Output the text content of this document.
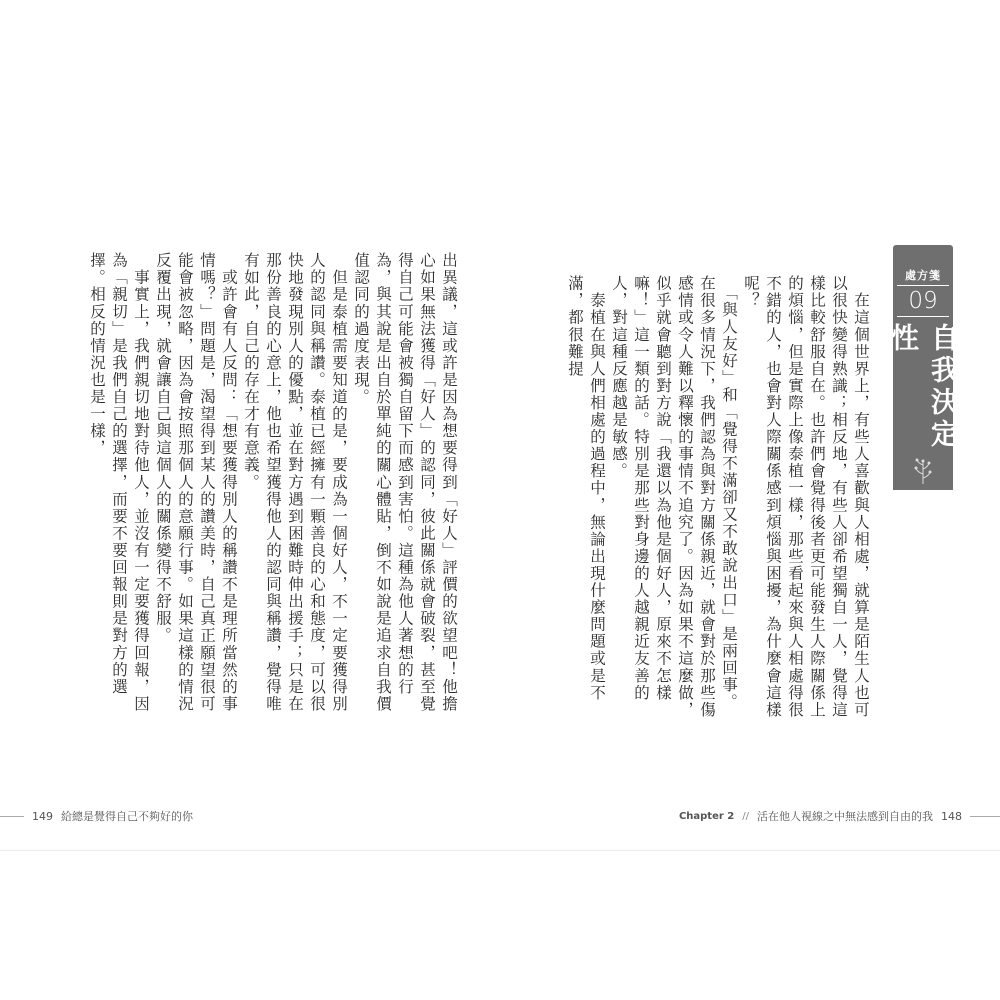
處方箋
09
自我決定性

　在這個世界上，有些人喜歡與人相處，就算是陌生人也可以很快變得熟識；相反地，有些人卻希望獨自一人，覺得這樣比較舒服自在。也許們會覺得後者更可能發生人際關係上的煩惱，但是實際上像泰植一樣，那些看起來與人相處得很不錯的人，也會對人際關係感到煩惱與困擾，為什麼會這樣呢？
　「與人友好」和「覺得不滿卻又不敢說出口」是兩回事。在很多情況下，我們認為與對方關係親近，就會對於那些傷感情或令人難以釋懷的事情不追究了。因為如果不這麼做，似乎就會聽到對方說「我還以為他是個好人，原來不怎樣嘛！」這一類的話。特別是那些對身邊的人越親近友善的人，對這種反應越是敏感。
　泰植在與人們相處的過程中，無論出現什麼問題或是不滿，都很難提

出異議，這或許是因為想要得到「好人」評價的欲望吧！他擔心如果無法獲得「好人」的認同，彼此關係就會破裂，甚至覺得自己可能會被獨自留下而感到害怕。這種為他人著想的行為，與其說是出自於單純的關心體貼，倒不如說是追求自我價值認同的過度表現。
　但是泰植需要知道的是，要成為一個好人，不一定要獲得別人的認同與稱讚。泰植已經擁有一顆善良的心和態度，可以很快地發現別人的優點，並在對方遇到困難時伸出援手；只是在那份善良的心意上，他也希望獲得他人的認同與稱讚，覺得唯有如此，自己的存在才有意義。
　或許會有人反問：「想要獲得別人的稱讚不是理所當然的事情嗎？」問題是，渴望得到某人的讚美時，自己真正願望很可能會被忽略，因為會按照那個人的意願行事。如果這樣的情況反覆出現，就會讓自己與這個人的關係變得不舒服。
　事實上，我們親切地對待他人，並沒有一定要獲得回報，因為「親切」是我們自己的選擇，而要不要回報則是對方的選擇。相反的情況也是一樣，

149 給總是覺得自己不夠好的你	Chapter 2 // 活在他人視線之中無法感到自由的我 148
